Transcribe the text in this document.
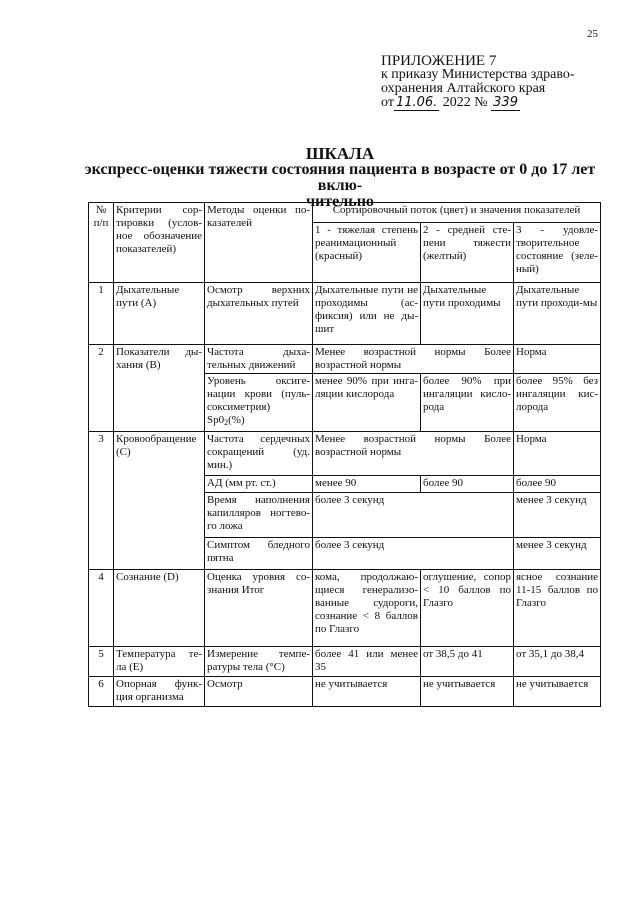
25
ПРИЛОЖЕНИЕ 7
к приказу Министерства здраво-
охранения Алтайского края
от 11.06. 2022 № 339
ШКАЛА
экспресс-оценки тяжести состояния пациента в возрасте от 0 до 17 лет вклю-
чительно
№ п/п	Критерии сор-тировки (услов-ное обозначение показателей)	Методы оценки по-казателей	Сортировочный поток (цвет) и значения показателей		
			1 - тяжелая степень реанимационный (красный)	2 - средней сте-пени тяжести (желтый)	3 - удовле-творительное состояние (зеле-ный)
1	Дыхательные пути (А)	Осмотр верхних дыхательных путей	Дыхательные пути не проходимы (ас-фиксия) или не ды-шит	Дыхательные пути проходимы	Дыхательные пути проходи-мы
2	Показатели ды-хания (В)	Частота дыха-тельных движений	Менее возрастной нормы Более возрастной нормы		Норма
		Уровень оксиге-нации крови (пуль-соксиметрия) $Sp0_2(\%)$	менее 90% при инга-ляции кислорода	более 90% при ингаляции кисло-рода	более 95% без ингаляции кис-лорода
3	Кровообращение (С)	Частота сердечных сокращений (уд. мин.)	Менее возрастной нормы Более возрастной нормы		Норма
		АД (мм рт. ст.)	менее 90	более 90	более 90
		Время наполнения капилляров ногтево-го ложа	более 3 секунд		менее 3 секунд
		Симптом бледного пятна	более 3 секунд		менее 3 секунд
4	Сознание (D)	Оценка уровня со-знания Итог	кома, продолжаю-щиеся генерализо-ванные судороги, сознание < 8 баллов по Глазго	оглушение, сопор < 10 баллов по Глазго	ясное сознание 11-15 баллов по Глазго
5	Температура те-ла (Е)	Измерение темпе-ратуры тела (°С)	более 41 или менее 35	от 38,5 до 41	от 35,1 до 38,4
6	Опорная функ-ция организма	Осмотр	не учитывается	не учитывается	не учитывается
